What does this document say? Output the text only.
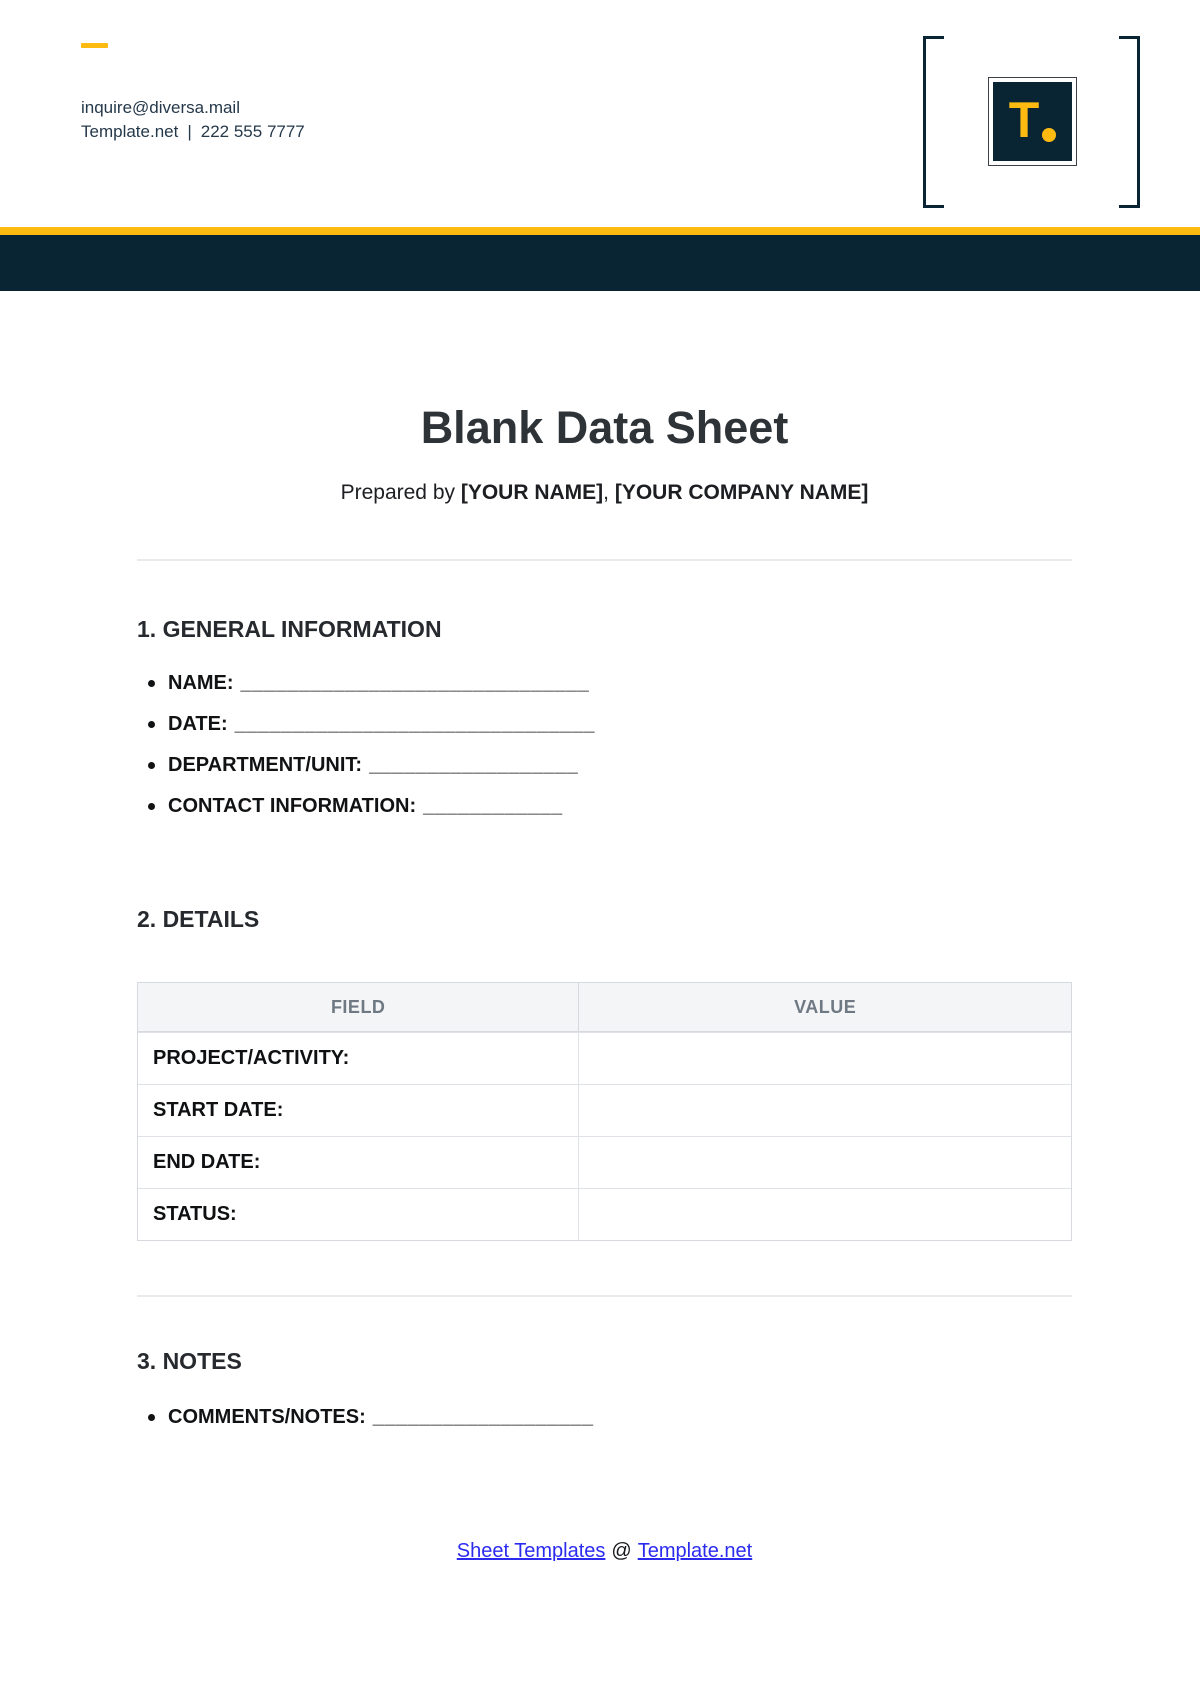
inquire@diversa.mail
Template.net | 222 555 7777	T
Blank Data Sheet
Prepared by [YOUR NAME], [YOUR COMPANY NAME]
1. GENERAL INFORMATION
NAME: ______________________________
DATE: _______________________________
DEPARTMENT/UNIT: __________________
CONTACT INFORMATION: ____________
2. DETAILS
FIELD	VALUE
PROJECT/ACTIVITY:
START DATE:
END DATE:
STATUS:
3. NOTES
COMMENTS/NOTES: ___________________
Sheet Templates @ Template.net
